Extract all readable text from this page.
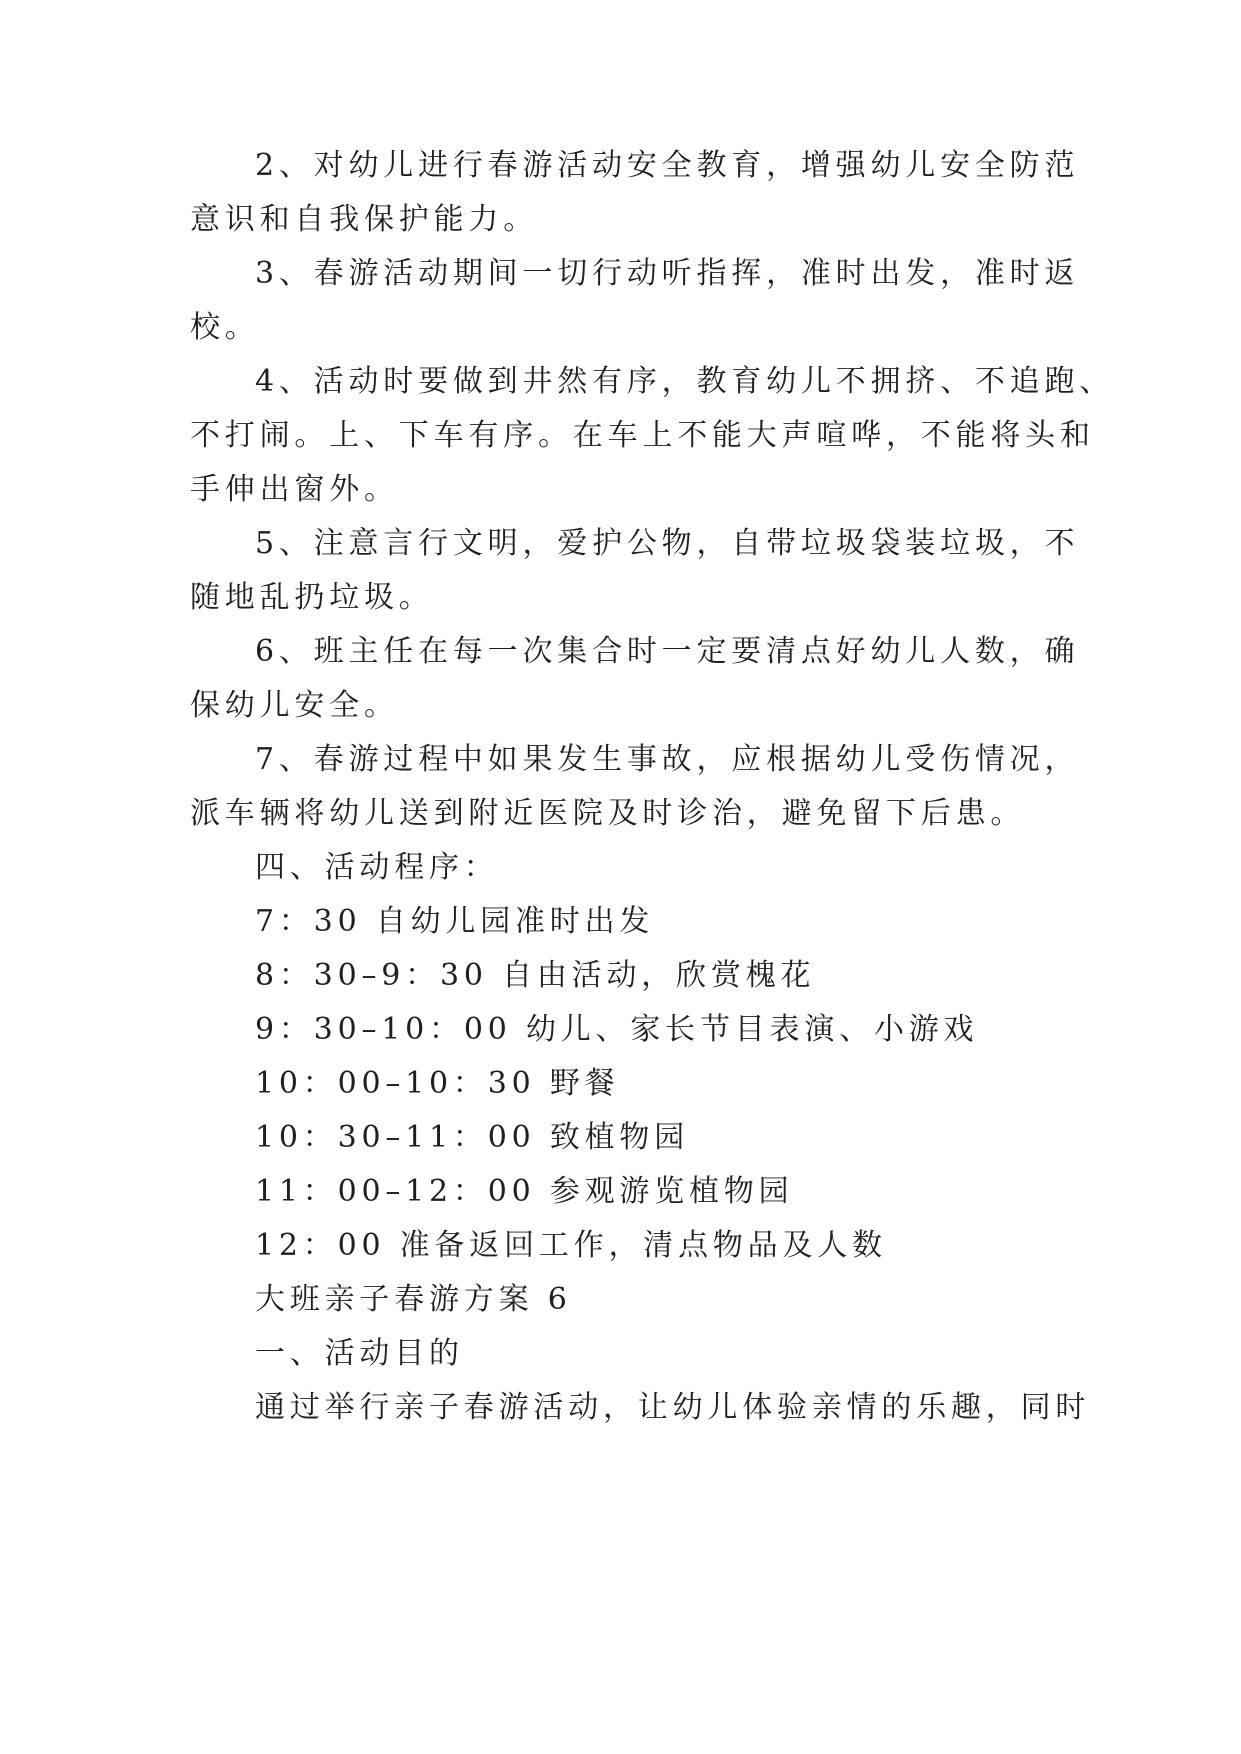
2、对幼儿进行春游活动安全教育，增强幼儿安全防范
意识和自我保护能力。
3、春游活动期间一切行动听指挥，准时出发，准时返
校。
4、活动时要做到井然有序，教育幼儿不拥挤、不追跑、
不打闹。上、下车有序。在车上不能大声喧哗，不能将头和
手伸出窗外。
5、注意言行文明，爱护公物，自带垃圾袋装垃圾，不
随地乱扔垃圾。
6、班主任在每一次集合时一定要清点好幼儿人数，确
保幼儿安全。
7、春游过程中如果发生事故，应根据幼儿受伤情况，
派车辆将幼儿送到附近医院及时诊治，避免留下后患。
四、活动程序：
7：30 自幼儿园准时出发
8：30–9：30 自由活动，欣赏槐花
9：30–10：00 幼儿、家长节目表演、小游戏
10：00–10：30 野餐
10：30–11：00 致植物园
11：00–12：00 参观游览植物园
12：00 准备返回工作，清点物品及人数
大班亲子春游方案 6
一、活动目的
通过举行亲子春游活动，让幼儿体验亲情的乐趣，同时
